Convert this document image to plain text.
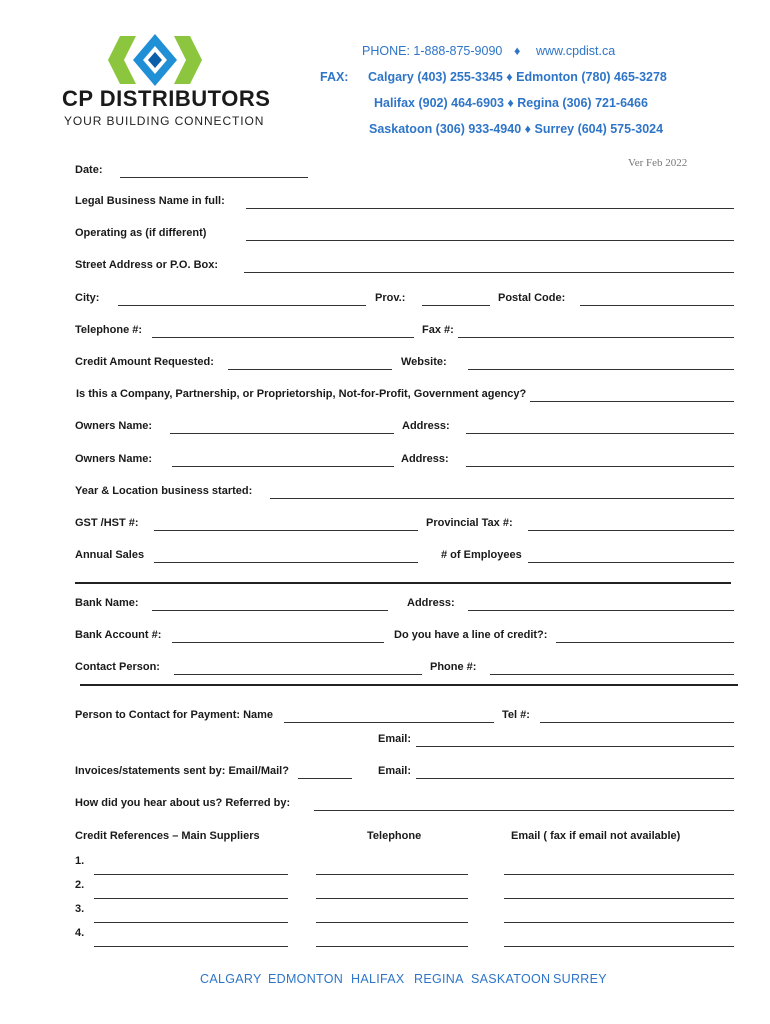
CP DISTRIBUTORS
YOUR BUILDING CONNECTION
PHONE: 1-888-875-9090 ♦ www.cpdist.ca
FAX: Calgary (403) 255-3345 ♦ Edmonton (780) 465-3278
Halifax (902) 464-6903 ♦ Regina (306) 721-6466
Saskatoon (306) 933-4940 ♦ Surrey (604) 575-3024
Ver Feb 2022
Date:
Legal Business Name in full:
Operating as (if different)
Street Address or P.O. Box:
City:	Prov.:	Postal Code:
Telephone #:	Fax #:
Credit Amount Requested:	Website:
Is this a Company, Partnership, or Proprietorship, Not-for-Profit, Government agency?
Owners Name:	Address:
Owners Name:	Address:
Year & Location business started:
GST /HST #:	Provincial Tax #:
Annual Sales	# of Employees
Bank Name:	Address:
Bank Account #:	Do you have a line of credit?:
Contact Person:	Phone #:
Person to Contact for Payment: Name	Tel #:
Email:
Invoices/statements sent by: Email/Mail?	Email:
How did you hear about us? Referred by:
Credit References – Main Suppliers	Telephone	Email ( fax if email not available)
1.
2.
3.
4.
CALGARY EDMONTON HALIFAX REGINA SASKATOON SURREY
